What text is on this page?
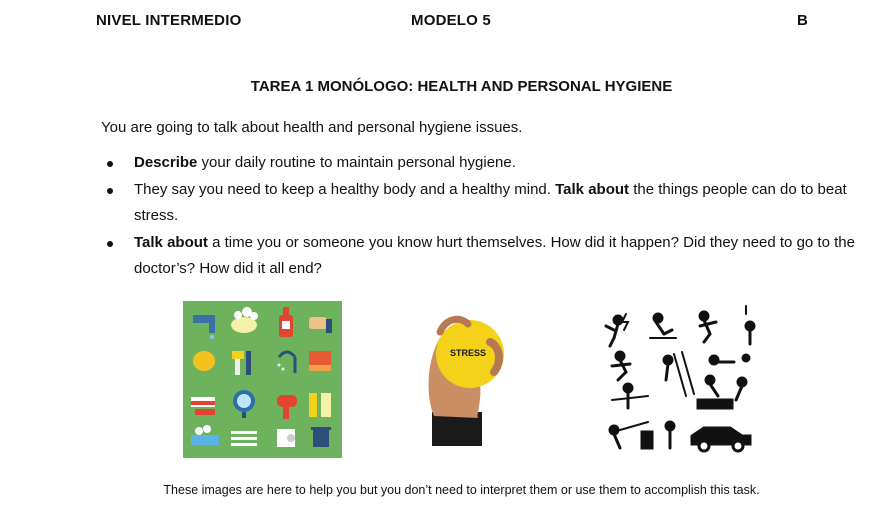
NIVEL INTERMEDIO	MODELO 5	B
TAREA 1 MONÓLOGO: HEALTH AND PERSONAL HYGIENE
You are going to talk about health and personal hygiene issues.
Describe your daily routine to maintain personal hygiene.
They say you need to keep a healthy body and a healthy mind. Talk about the things people can do to beat stress.
Talk about a time you or someone you know hurt themselves. How did it happen? Did they need to go to the doctor’s? How did it all end?
STRESS
These images are here to help you but you don’t need to interpret them or use them to accomplish this task.
